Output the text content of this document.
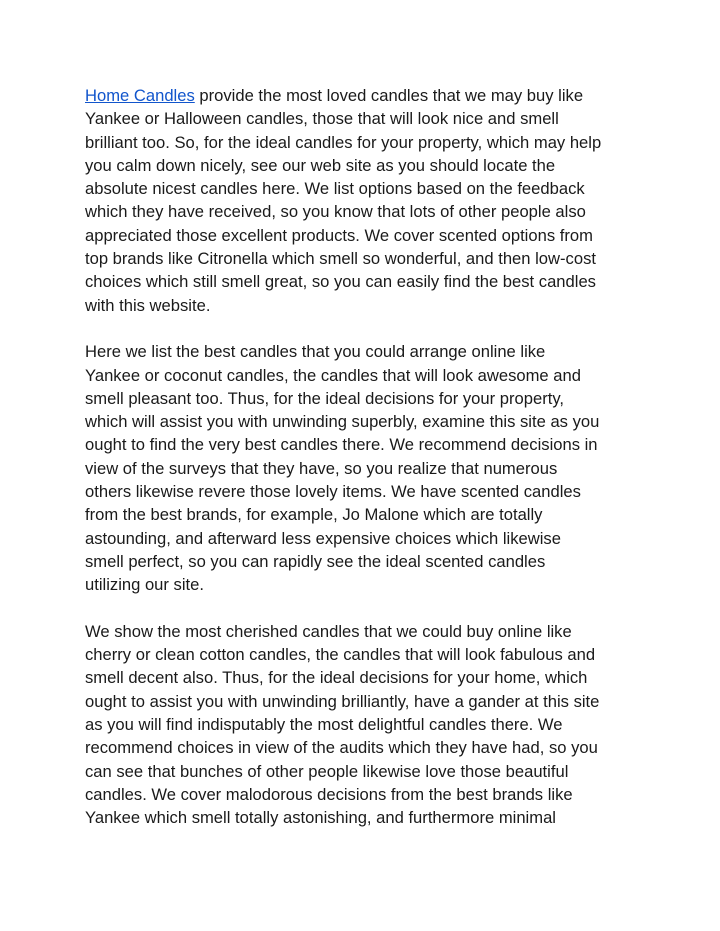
Home Candles provide the most loved candles that we may buy like
Yankee or Halloween candles, those that will look nice and smell
brilliant too. So, for the ideal candles for your property, which may help
you calm down nicely, see our web site as you should locate the
absolute nicest candles here. We list options based on the feedback
which they have received, so you know that lots of other people also
appreciated those excellent products. We cover scented options from
top brands like Citronella which smell so wonderful, and then low-cost
choices which still smell great, so you can easily find the best candles
with this website.

Here we list the best candles that you could arrange online like
Yankee or coconut candles, the candles that will look awesome and
smell pleasant too. Thus, for the ideal decisions for your property,
which will assist you with unwinding superbly, examine this site as you
ought to find the very best candles there. We recommend decisions in
view of the surveys that they have, so you realize that numerous
others likewise revere those lovely items. We have scented candles
from the best brands, for example, Jo Malone which are totally
astounding, and afterward less expensive choices which likewise
smell perfect, so you can rapidly see the ideal scented candles
utilizing our site.

We show the most cherished candles that we could buy online like
cherry or clean cotton candles, the candles that will look fabulous and
smell decent also. Thus, for the ideal decisions for your home, which
ought to assist you with unwinding brilliantly, have a gander at this site
as you will find indisputably the most delightful candles there. We
recommend choices in view of the audits which they have had, so you
can see that bunches of other people likewise love those beautiful
candles. We cover malodorous decisions from the best brands like
Yankee which smell totally astonishing, and furthermore minimal
